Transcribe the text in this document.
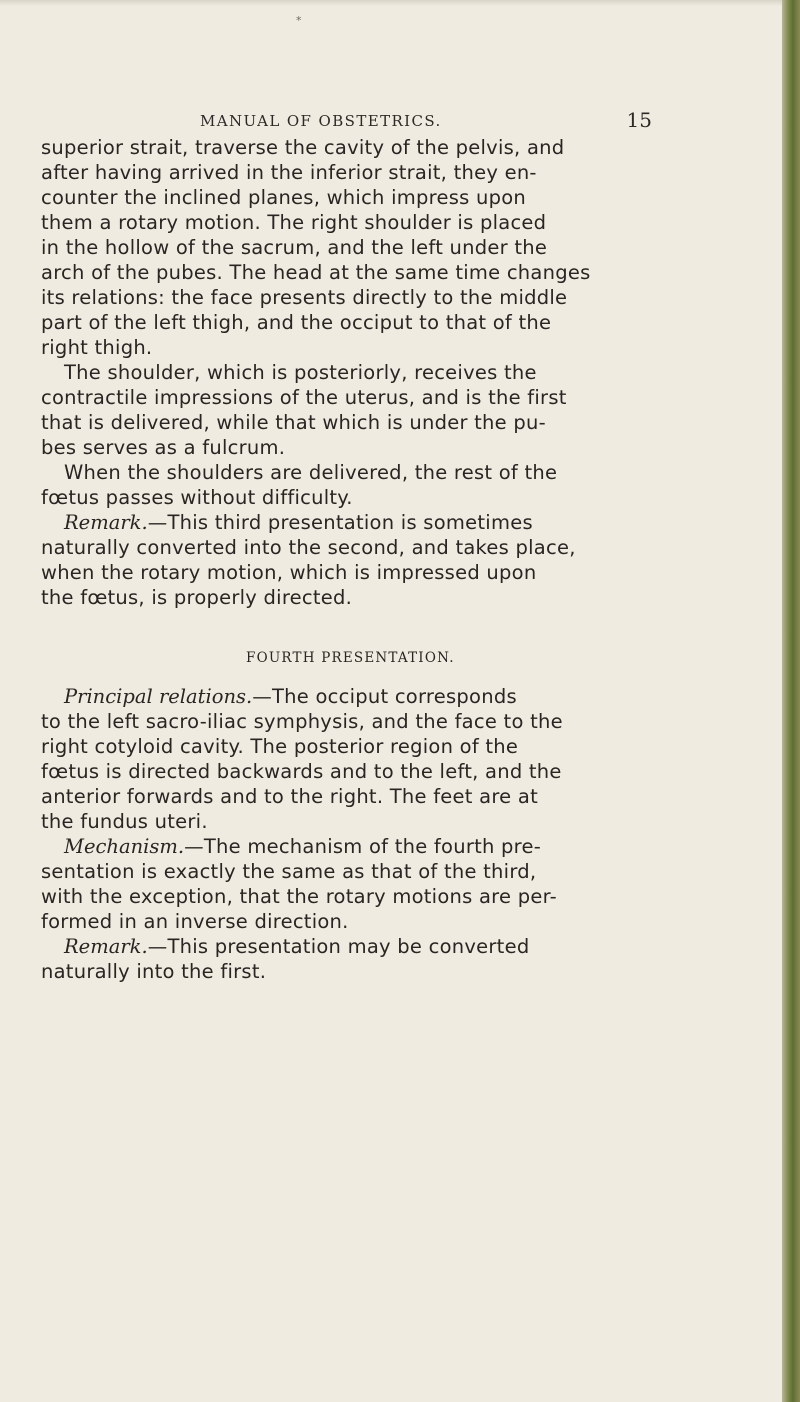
*
MANUAL OF OBSTETRICS.	15
superior strait, traverse the cavity of the pelvis, and
after having arrived in the inferior strait, they en-
counter the inclined planes, which impress upon
them a rotary motion. The right shoulder is placed
in the hollow of the sacrum, and the left under the
arch of the pubes. The head at the same time changes
its relations: the face presents directly to the middle
part of the left thigh, and the occiput to that of the
right thigh.
The shoulder, which is posteriorly, receives the
contractile impressions of the uterus, and is the first
that is delivered, while that which is under the pu-
bes serves as a fulcrum.
When the shoulders are delivered, the rest of the
fœtus passes without difficulty.
Remark.—This third presentation is sometimes
naturally converted into the second, and takes place,
when the rotary motion, which is impressed upon
the fœtus, is properly directed.
FOURTH PRESENTATION.
Principal relations.—The occiput corresponds
to the left sacro-iliac symphysis, and the face to the
right cotyloid cavity. The posterior region of the
fœtus is directed backwards and to the left, and the
anterior forwards and to the right. The feet are at
the fundus uteri.
Mechanism.—The mechanism of the fourth pre-
sentation is exactly the same as that of the third,
with the exception, that the rotary motions are per-
formed in an inverse direction.
Remark.—This presentation may be converted
naturally into the first.
